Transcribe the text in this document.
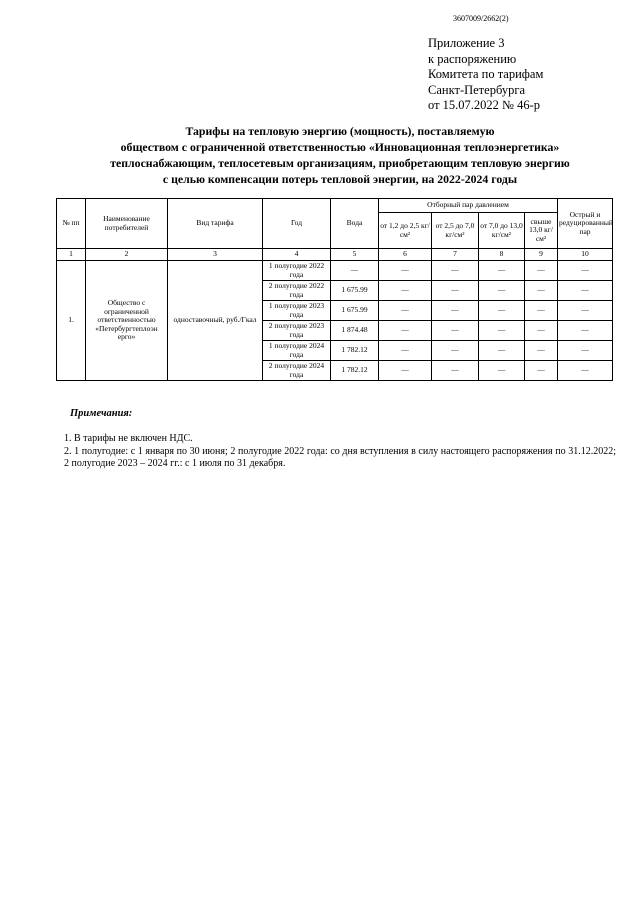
3607009/2662(2)
Приложение 3
к распоряжению
Комитета по тарифам
Санкт-Петербурга
от 15.07.2022 № 46-р
Тарифы на тепловую энергию (мощность), поставляемую
обществом с ограниченной ответственностью «Инновационная теплоэнергетика»
теплоснабжающим, теплосетевым организациям, приобретающим тепловую энергию
с целью компенсации потерь тепловой энергии, на 2022-2024 годы
№ пп	Наименование потребителей	Вид тарифа	Год	Вода	Отборный пар давлением				Острый и редуцированный пар
					от 1,2 до 2,5 кг/см²	от 2,5 до 7,0 кг/см²	от 7,0 до 13,0 кг/см²	свыше 13,0 кг/см²	
1	2	3	4	5	6	7	8	9	10
1.	Общество с ограниченной ответственностью «Петербургтеплоэн ерго»	одноставочный, руб./Гкал	1 полугодие 2022 года	—	—	—	—	—	—
			2 полугодие 2022 года	1 675.99	—	—	—	—	—
			1 полугодие 2023 года	1 675.99	—	—	—	—	—
			2 полугодие 2023 года	1 874.48	—	—	—	—	—
			1 полугодие 2024 года	1 782.12	—	—	—	—	—
			2 полугодие 2024 года	1 782.12	—	—	—	—	—
Примечания:

1. В тарифы не включен НДС.

2. 1 полугодие: с 1 января по 30 июня; 2 полугодие 2022 года: со дня вступления в силу настоящего распоряжения по 31.12.2022; 2 полугодие 2023 – 2024 гг.: с 1 июля по 31 декабря.
